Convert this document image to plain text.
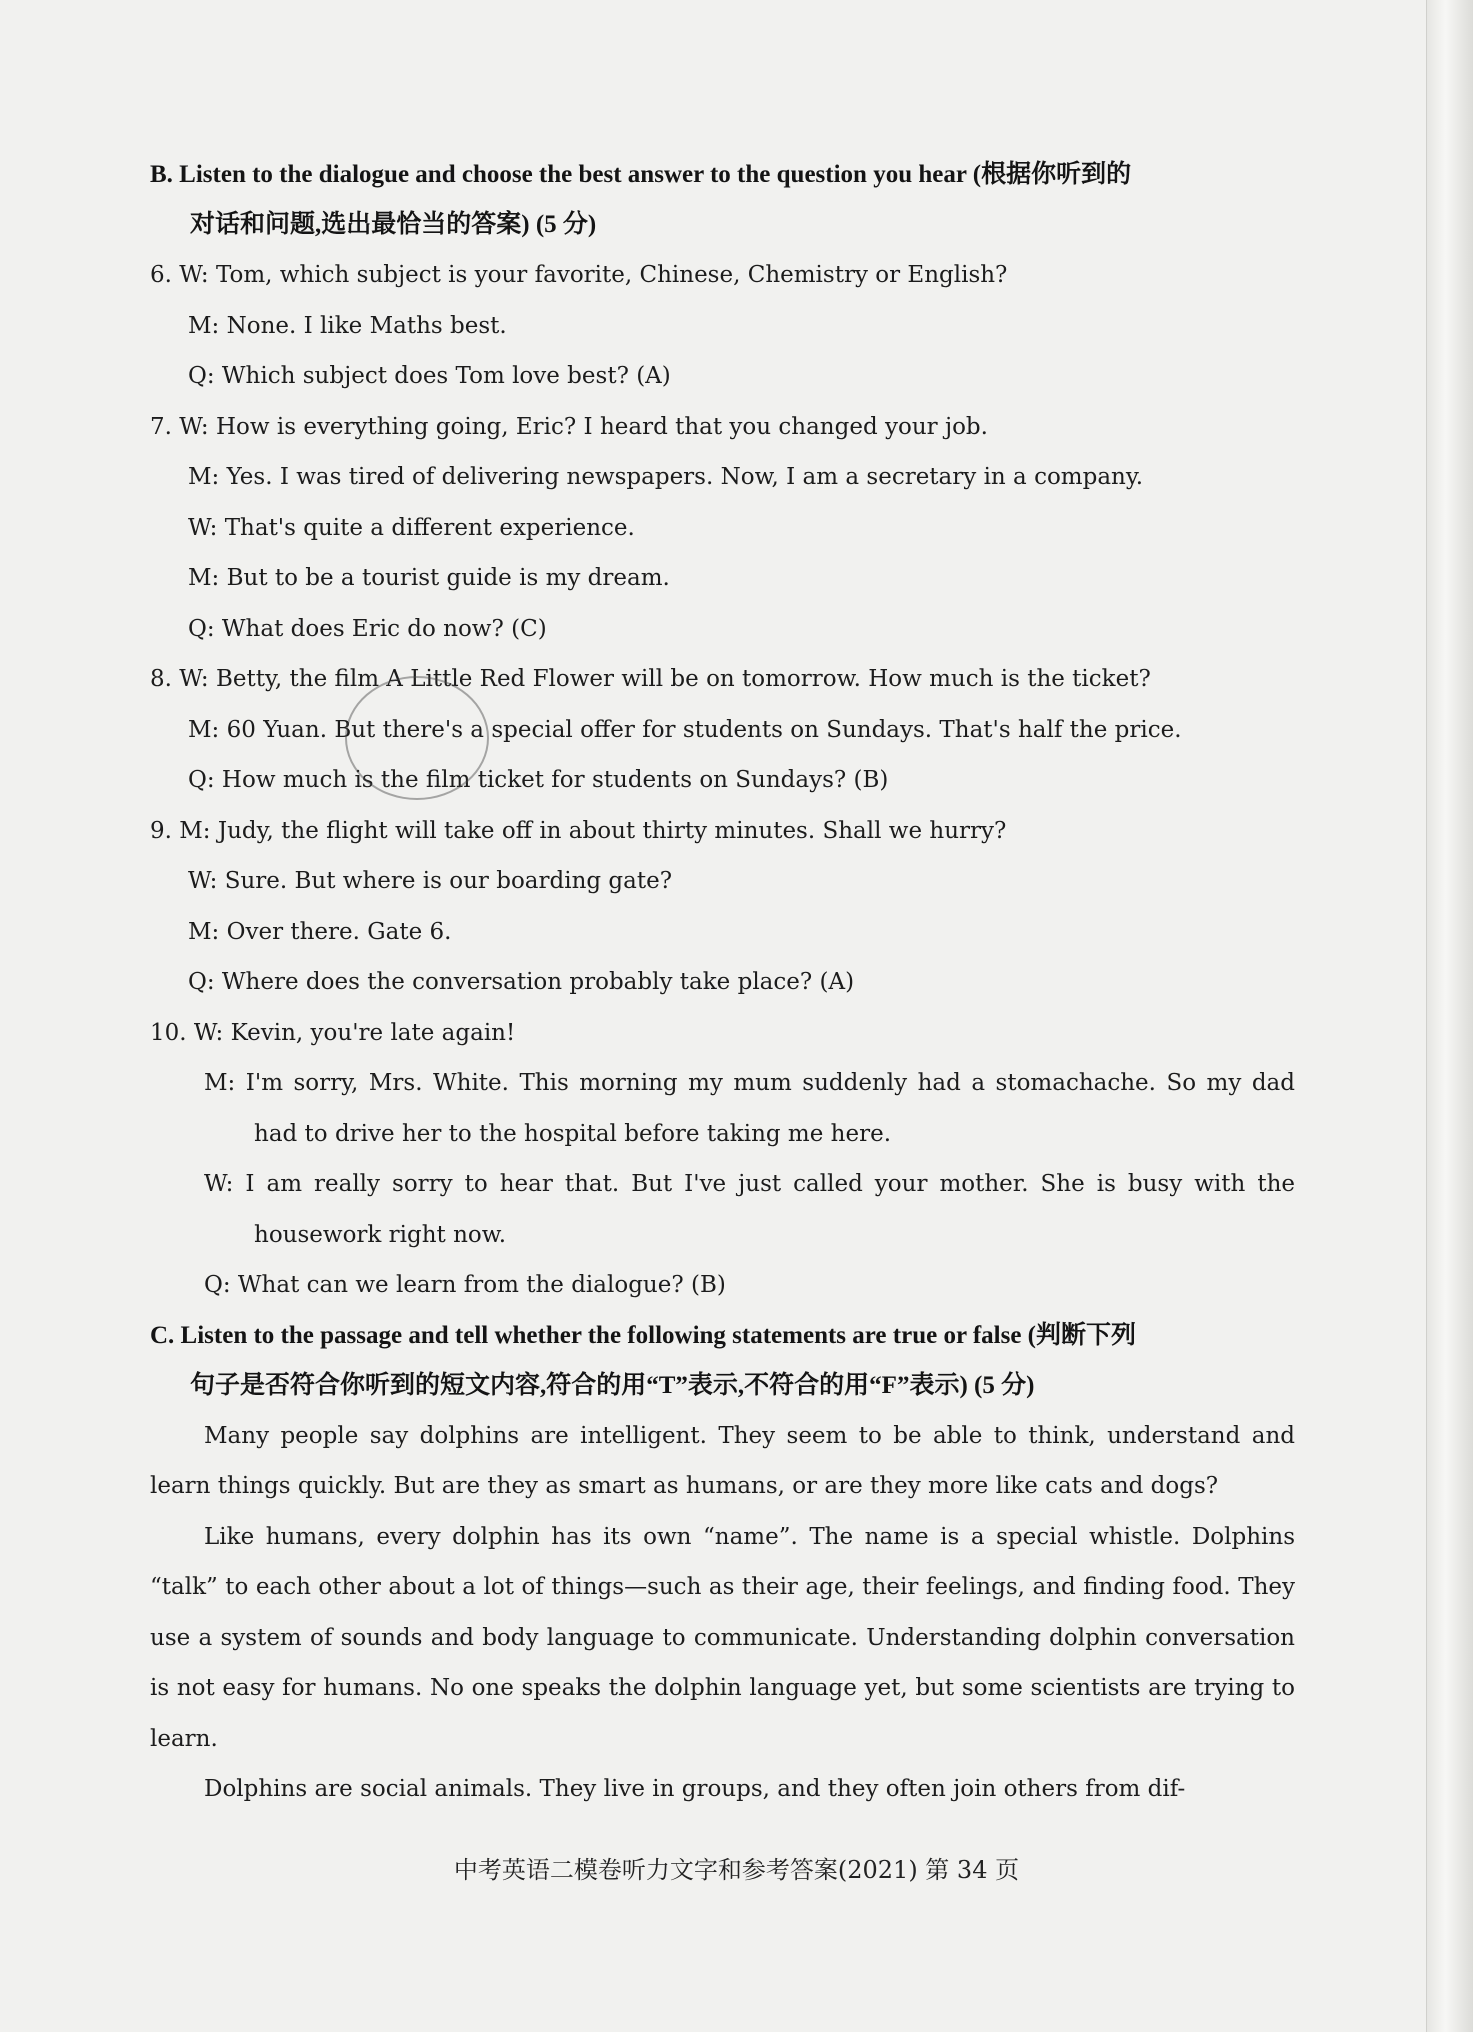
B. Listen to the dialogue and choose the best answer to the question you hear (根据你听到的
对话和问题,选出最恰当的答案) (5 分)
6. W: Tom, which subject is your favorite, Chinese, Chemistry or English?
M: None. I like Maths best.
Q: Which subject does Tom love best? (A)
7. W: How is everything going, Eric? I heard that you changed your job.
M: Yes. I was tired of delivering newspapers. Now, I am a secretary in a company.
W: That's quite a different experience.
M: But to be a tourist guide is my dream.
Q: What does Eric do now? (C)
8. W: Betty, the film A Little Red Flower will be on tomorrow. How much is the ticket?
M: 60 Yuan. But there's a special offer for students on Sundays. That's half the price.
Q: How much is the film ticket for students on Sundays? (B)
9. M: Judy, the flight will take off in about thirty minutes. Shall we hurry?
W: Sure. But where is our boarding gate?
M: Over there. Gate 6.
Q: Where does the conversation probably take place? (A)
10. W: Kevin, you're late again!
M: I'm sorry, Mrs. White. This morning my mum suddenly had a stomachache. So my dad had to drive her to the hospital before taking me here.
W: I am really sorry to hear that. But I've just called your mother. She is busy with the housework right now.
Q: What can we learn from the dialogue? (B)
C. Listen to the passage and tell whether the following statements are true or false (判断下列
句子是否符合你听到的短文内容,符合的用“T”表示,不符合的用“F”表示) (5 分)

Many people say dolphins are intelligent. They seem to be able to think, understand and learn things quickly. But are they as smart as humans, or are they more like cats and dogs?

Like humans, every dolphin has its own “name”. The name is a special whistle. Dolphins “talk” to each other about a lot of things—such as their age, their feelings, and finding food. They use a system of sounds and body language to communicate. Understanding dolphin conversation is not easy for humans. No one speaks the dolphin language yet, but some scientists are trying to learn.

Dolphins are social animals. They live in groups, and they often join others from dif-

中考英语二模卷听力文字和参考答案(2021) 第 34 页
